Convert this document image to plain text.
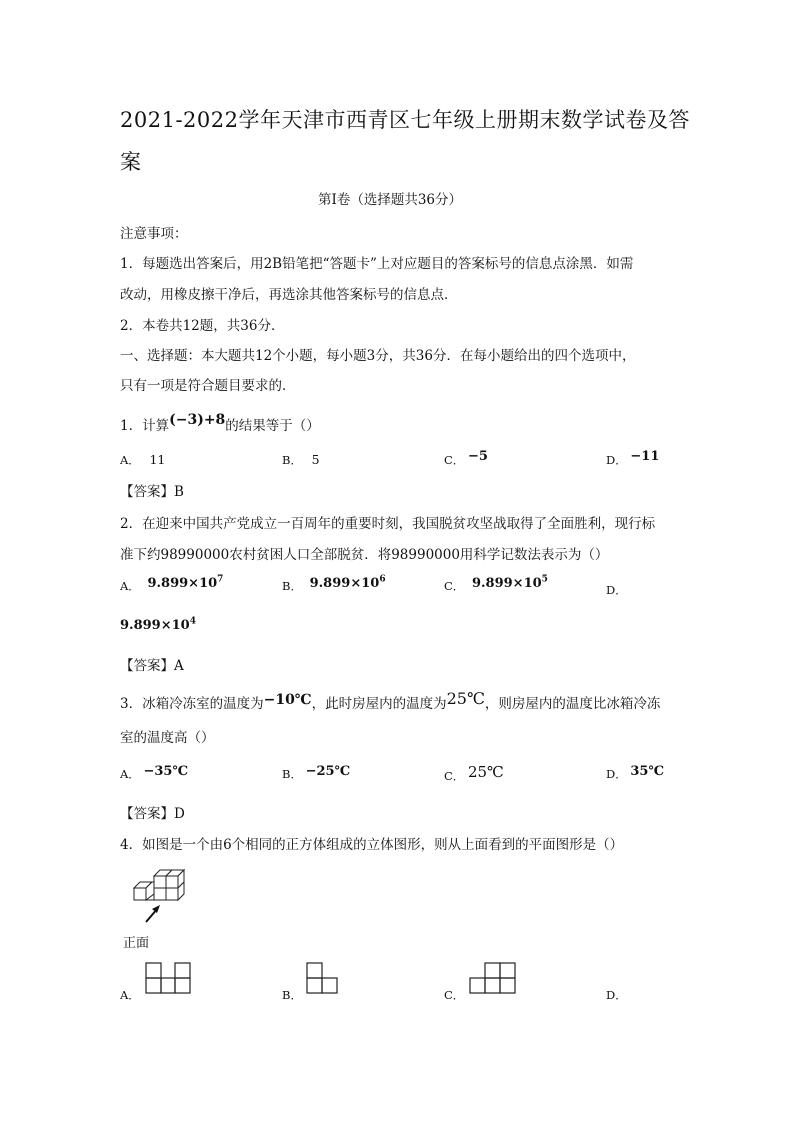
2021-2022学年天津市西青区七年级上册期末数学试卷及答
案
第Ⅰ卷（选择题共36分）
注意事项：
1．每题选出答案后，用2B铅笔把“答题卡”上对应题目的答案标号的信息点涂黑．如需
改动，用橡皮擦干净后，再选涂其他答案标号的信息点．
2．本卷共12题，共36分．
一、选择题：本大题共12个小题，每小题3分，共36分．在每小题给出的四个选项中，
只有一项是符合题目要求的．
1．计算(−3)+8的结果等于（）
A． 11	B． 5	C． −5	D． −11
【答案】B
2．在迎来中国共产党成立一百周年的重要时刻，我国脱贫攻坚战取得了全面胜利，现行标
准下约98990000农村贫困人口全部脱贫．将98990000用科学记数法表示为（）
A． $9.899\times 10^7$	B． $9.899\times 10^6$	C． $9.899\times 10^5$
D．
$9.899\times 10^4$
【答案】A
3．冰箱冷冻室的温度为−10℃，此时房屋内的温度为25℃，则房屋内的温度比冰箱冷冻
室的温度高（）
A． −35℃	B． −25℃	C． 25℃	D． 35℃
【答案】D
4．如图是一个由6个相同的正方体组成的立体图形，则从上面看到的平面图形是（）
正面
A．	B．	C．	D．
